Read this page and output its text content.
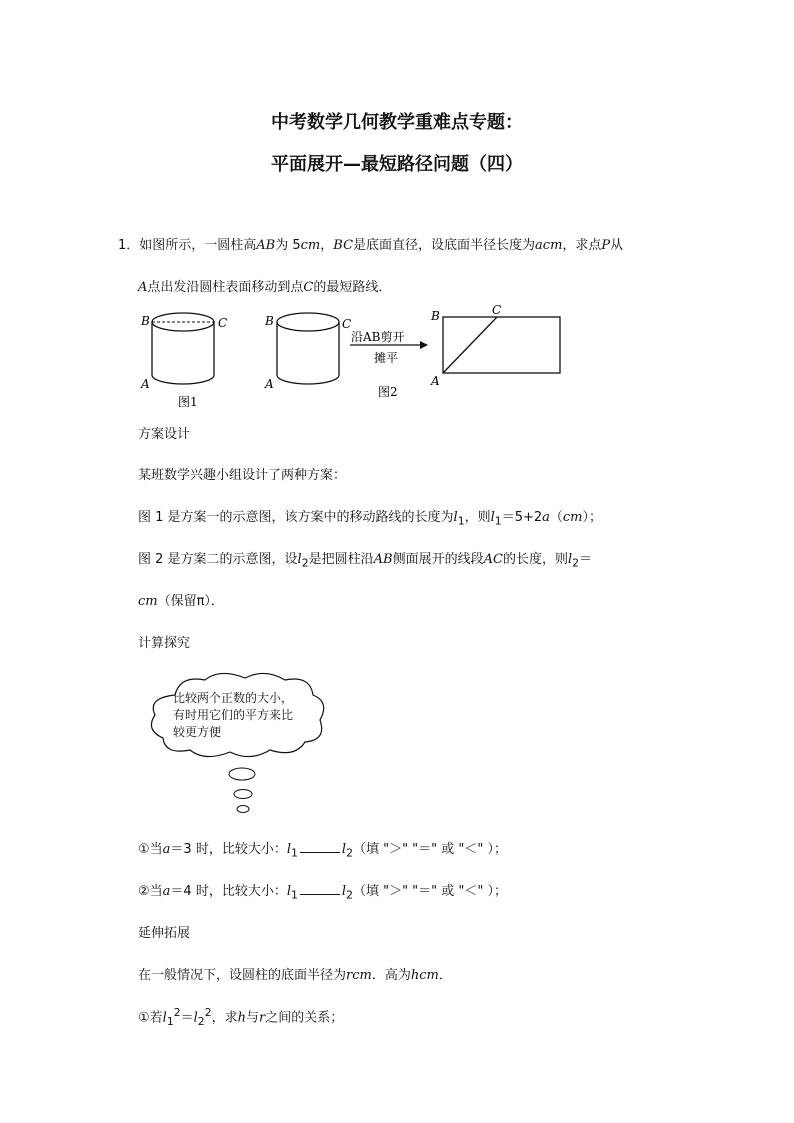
中考数学几何教学重难点专题：
平面展开—最短路径问题（四）
1．如图所示，一圆柱高AB为 5cm，BC是底面直径，设底面半径长度为acm，求点P从
A点出发沿圆柱表面移动到点C的最短路线．
B	C
A
图1
B	C
A
沿AB剪开
摊平
图2
B	C
A
方案设计
某班数学兴趣小组设计了两种方案：
图 1 是方案一的示意图，该方案中的移动路线的长度为$l_1$，则$l_1=5+2a(cm)$；
图 2 是方案二的示意图，设$l_2$是把圆柱沿AB侧面展开的线段AC的长度，则$l_2=$
cm（保留π）．
计算探究
比较两个正数的大小，有时用它们的平方来比较更方便
①当a＝3 时，比较大小：$l_1$	$l_2$（填 "＞" "＝" 或 "＜" ）；
②当a＝4 时，比较大小：$l_1$	$l_2$（填 "＞" "＝" 或 "＜" ）；
延伸拓展
在一般情况下，设圆柱的底面半径为rcm．高为hcm．
①若$l_1^2=l_2^2$，求h与r之间的关系；
